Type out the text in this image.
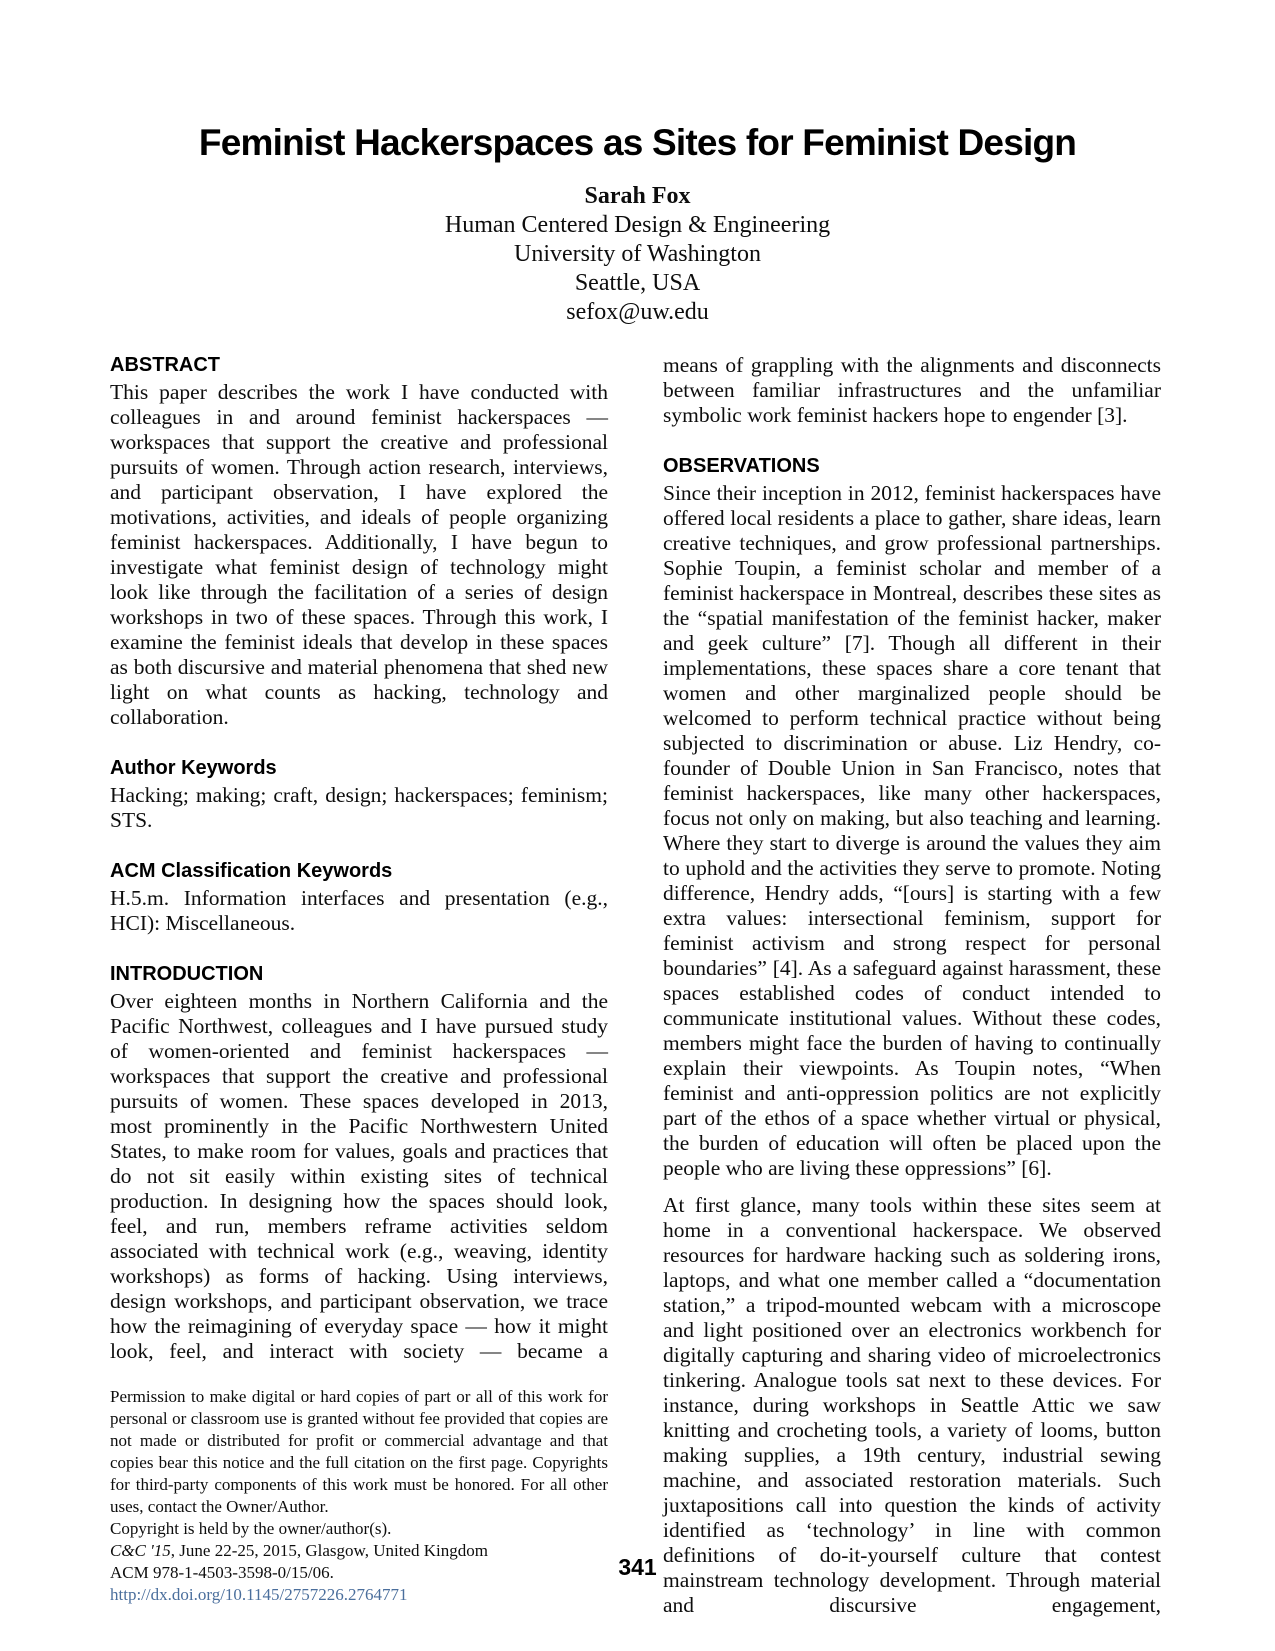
Feminist Hackerspaces as Sites for Feminist Design
Sarah Fox
Human Centered Design & Engineering
University of Washington
Seattle, USA
sefox@uw.edu
ABSTRACT

This paper describes the work I have conducted with colleagues in and around feminist hackerspaces — workspaces that support the creative and professional pursuits of women. Through action research, interviews, and participant observation, I have explored the motivations, activities, and ideals of people organizing feminist hackerspaces. Additionally, I have begun to investigate what feminist design of technology might look like through the facilitation of a series of design workshops in two of these spaces. Through this work, I examine the feminist ideals that develop in these spaces as both discursive and material phenomena that shed new light on what counts as hacking, technology and collaboration.

Author Keywords

Hacking; making; craft, design; hackerspaces; feminism; STS.

ACM Classification Keywords

H.5.m. Information interfaces and presentation (e.g., HCI): Miscellaneous.

INTRODUCTION

Over eighteen months in Northern California and the Pacific Northwest, colleagues and I have pursued study of women-oriented and feminist hackerspaces — workspaces that support the creative and professional pursuits of women. These spaces developed in 2013, most prominently in the Pacific Northwestern United States, to make room for values, goals and practices that do not sit easily within existing sites of technical production. In designing how the spaces should look, feel, and run, members reframe activities seldom associated with technical work (e.g., weaving, identity workshops) as forms of hacking. Using interviews, design workshops, and participant observation, we trace how the reimagining of everyday space — how it might look, feel, and interact with society — became a

Permission to make digital or hard copies of part or all of this work for personal or classroom use is granted without fee provided that copies are not made or distributed for profit or commercial advantage and that copies bear this notice and the full citation on the first page. Copyrights for third-party components of this work must be honored. For all other uses, contact the Owner/Author.

Copyright is held by the owner/author(s).

C&C '15, June 22-25, 2015, Glasgow, United Kingdom

ACM 978-1-4503-3598-0/15/06.

http://dx.doi.org/10.1145/2757226.2764771

means of grappling with the alignments and disconnects between familiar infrastructures and the unfamiliar symbolic work feminist hackers hope to engender [3].

OBSERVATIONS

Since their inception in 2012, feminist hackerspaces have offered local residents a place to gather, share ideas, learn creative techniques, and grow professional partnerships. Sophie Toupin, a feminist scholar and member of a feminist hackerspace in Montreal, describes these sites as the “spatial manifestation of the feminist hacker, maker and geek culture” [7]. Though all different in their implementations, these spaces share a core tenant that women and other marginalized people should be welcomed to perform technical practice without being subjected to discrimination or abuse. Liz Hendry, co-founder of Double Union in San Francisco, notes that feminist hackerspaces, like many other hackerspaces, focus not only on making, but also teaching and learning. Where they start to diverge is around the values they aim to uphold and the activities they serve to promote. Noting difference, Hendry adds, “[ours] is starting with a few extra values: intersectional feminism, support for feminist activism and strong respect for personal boundaries” [4]. As a safeguard against harassment, these spaces established codes of conduct intended to communicate institutional values. Without these codes, members might face the burden of having to continually explain their viewpoints. As Toupin notes, “When feminist and anti-oppression politics are not explicitly part of the ethos of a space whether virtual or physical, the burden of education will often be placed upon the people who are living these oppressions” [6].

At first glance, many tools within these sites seem at home in a conventional hackerspace. We observed resources for hardware hacking such as soldering irons, laptops, and what one member called a “documentation station,” a tripod-mounted webcam with a microscope and light positioned over an electronics workbench for digitally capturing and sharing video of microelectronics tinkering. Analogue tools sat next to these devices. For instance, during workshops in Seattle Attic we saw knitting and crocheting tools, a variety of looms, button making supplies, a 19th century, industrial sewing machine, and associated restoration materials. Such juxtapositions call into question the kinds of activity identified as ‘technology’ in line with common definitions of do-it-yourself culture that contest mainstream technology development. Through material and discursive engagement,

341
